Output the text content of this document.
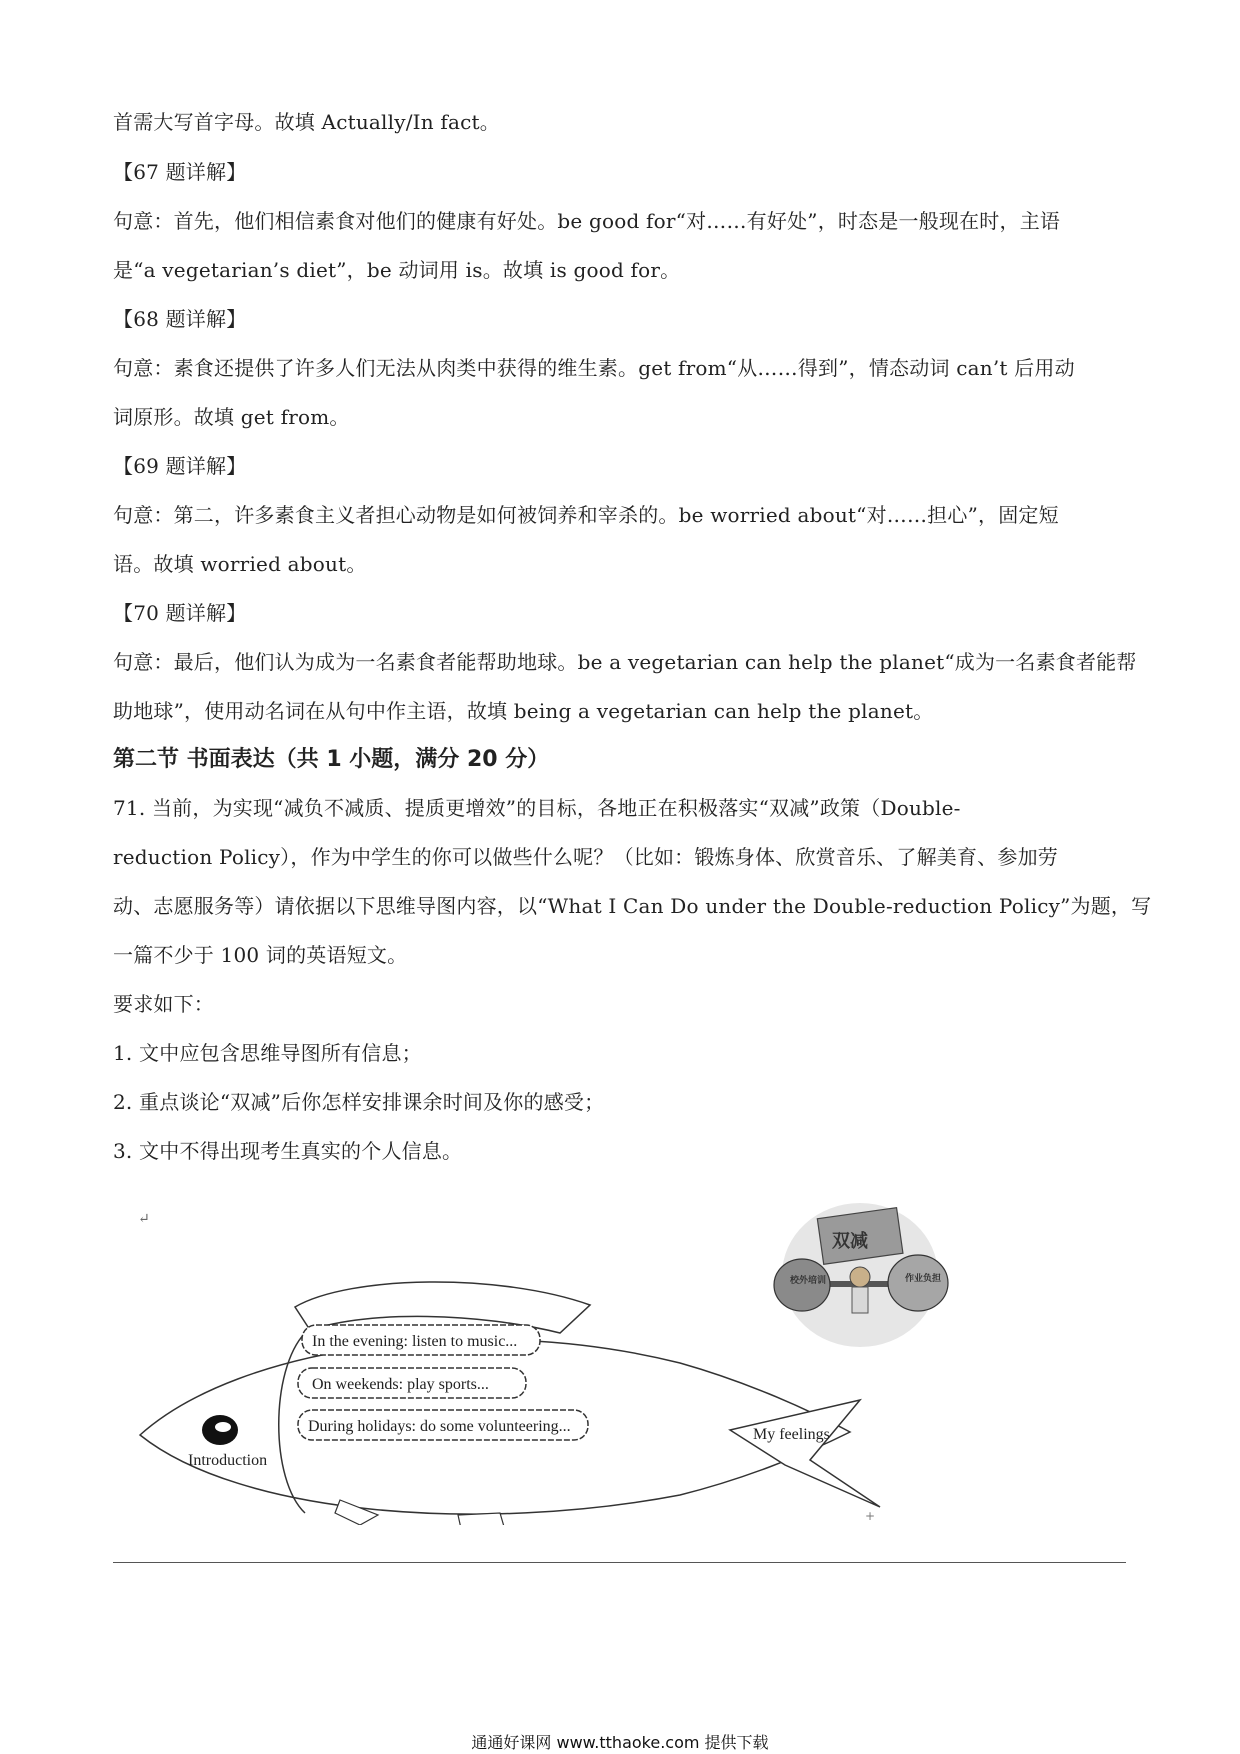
首需大写首字母。故填 Actually/In fact。
【67 题详解】
句意：首先，他们相信素食对他们的健康有好处。be good for“对……有好处”，时态是一般现在时，主语
是“a vegetarian’s diet”，be 动词用 is。故填 is good for。
【68 题详解】
句意：素食还提供了许多人们无法从肉类中获得的维生素。get from“从……得到”，情态动词 can’t 后用动
词原形。故填 get from。
【69 题详解】
句意：第二，许多素食主义者担心动物是如何被饲养和宰杀的。be worried about“对……担心”，固定短
语。故填 worried about。
【70 题详解】
句意：最后，他们认为成为一名素食者能帮助地球。be a vegetarian can help the planet“成为一名素食者能帮
助地球”，使用动名词在从句中作主语，故填 being a vegetarian can help the planet。
第二节 书面表达（共 1 小题，满分 20 分）
71. 当前，为实现“减负不减质、提质更增效”的目标，各地正在积极落实“双减”政策（Double-
reduction Policy），作为中学生的你可以做些什么呢？（比如：锻炼身体、欣赏音乐、了解美育、参加劳
动、志愿服务等）请依据以下思维导图内容，以“What I Can Do under the Double-reduction Policy”为题，写
一篇不少于 100 词的英语短文。
要求如下：
1. 文中应包含思维导图所有信息；
2. 重点谈论“双减”后你怎样安排课余时间及你的感受；
3. 文中不得出现考生真实的个人信息。
↵
Introduction
In the evening: listen to music...
On weekends: play sports...
During holidays: do some volunteering...	My feelings
双减
校外培训	作业负担
+
通通好课网 www.tthaoke.com 提供下载
